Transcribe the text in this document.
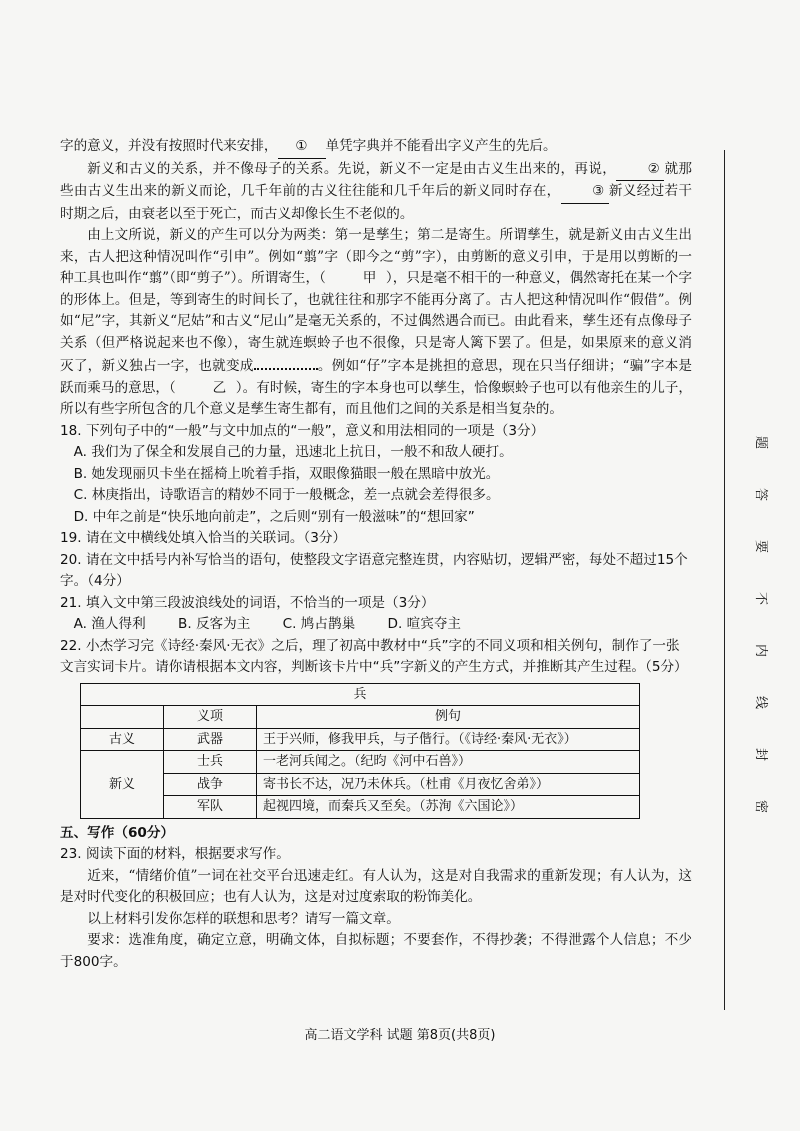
字的意义，并没有按照时代来安排， ① 单凭字典并不能看出字义产生的先后。

新义和古义的关系，并不像母子的关系。先说，新义不一定是由古义生出来的，再说， ② 就那些由古义生出来的新义而论，几千年前的古义往往能和几千年后的新义同时存在， ③ 新义经过若干时期之后，由衰老以至于死亡，而古义却像长生不老似的。

由上文所说，新义的产生可以分为两类：第一是孳生；第二是寄生。所谓孳生，就是新义由古义生出来，古人把这种情况叫作“引申”。例如“翦”字（即今之“剪”字），由剪断的意义引申，于是用以剪断的一种工具也叫作“翦”（即“剪子”）。所谓寄生，（	甲 ），只是毫不相干的一种意义，偶然寄托在某一个字的形体上。但是，等到寄生的时间长了，也就往往和那字不能再分离了。古人把这种情况叫作“假借”。例如“尼”字，其新义“尼姑”和古义“尼山”是毫无关系的，不过偶然遇合而已。由此看来，孳生还有点像母子关系（但严格说起来也不像），寄生就连螟蛉子也不很像，只是寄人篱下罢了。但是，如果原来的意义消灭了，新义独占一字，也就变成	。例如“仔”字本是挑担的意思，现在只当仔细讲；“骗”字本是跃而乘马的意思，（	乙 ）。有时候，寄生的字本身也可以孳生，恰像螟蛉子也可以有他亲生的儿子，所以有些字所包含的几个意义是孳生寄生都有，而且他们之间的关系是相当复杂的。

18. 下列句子中的“一般”与文中加点的“一般”，意义和用法相同的一项是（3分）
A. 我们为了保全和发展自己的力量，迅速北上抗日，一般不和敌人硬打。
B. 她发现丽贝卡坐在摇椅上吮着手指，双眼像猫眼一般在黑暗中放光。
C. 林庚指出，诗歌语言的精妙不同于一般概念，差一点就会差得很多。
D. 中年之前是“快乐地向前走”，之后则“别有一般滋味”的“想回家”
19. 请在文中横线处填入恰当的关联词。（3分）
20. 请在文中括号内补写恰当的语句，使整段文字语意完整连贯，内容贴切，逻辑严密，每处不超过15个字。（4分）
21. 填入文中第三段波浪线处的词语，不恰当的一项是（3分）
A. 渔人得利 B. 反客为主 C. 鸠占鹊巢 D. 喧宾夺主
22. 小杰学习完《诗经·秦风·无衣》之后，理了初高中教材中“兵”字的不同义项和相关例句，制作了一张文言实词卡片。请你请根据本文内容，判断该卡片中“兵”字新义的产生方式，并推断其产生过程。（5分）
兵		
	义项	例句
古义	武器	王于兴师，修我甲兵，与子偕行。（《诗经·秦风·无衣》）
新义	士兵	一老河兵闻之。（纪昀《河中石兽》）
	战争	寄书长不达，况乃未休兵。（杜甫《月夜忆舍弟》）
	军队	起视四境，而秦兵又至矣。（苏洵《六国论》）
五、写作（60分）
23. 阅读下面的材料，根据要求写作。

近来，“情绪价值”一词在社交平台迅速走红。有人认为，这是对自我需求的重新发现；有人认为，这是对时代变化的积极回应；也有人认为，这是对过度索取的粉饰美化。

以上材料引发你怎样的联想和思考？请写一篇文章。

要求：选准角度，确定立意，明确文体，自拟标题；不要套作，不得抄袭；不得泄露个人信息；不少于800字。

题
答
要
不
内
线
封
密
高二语文学科 试题 第8页(共8页)
